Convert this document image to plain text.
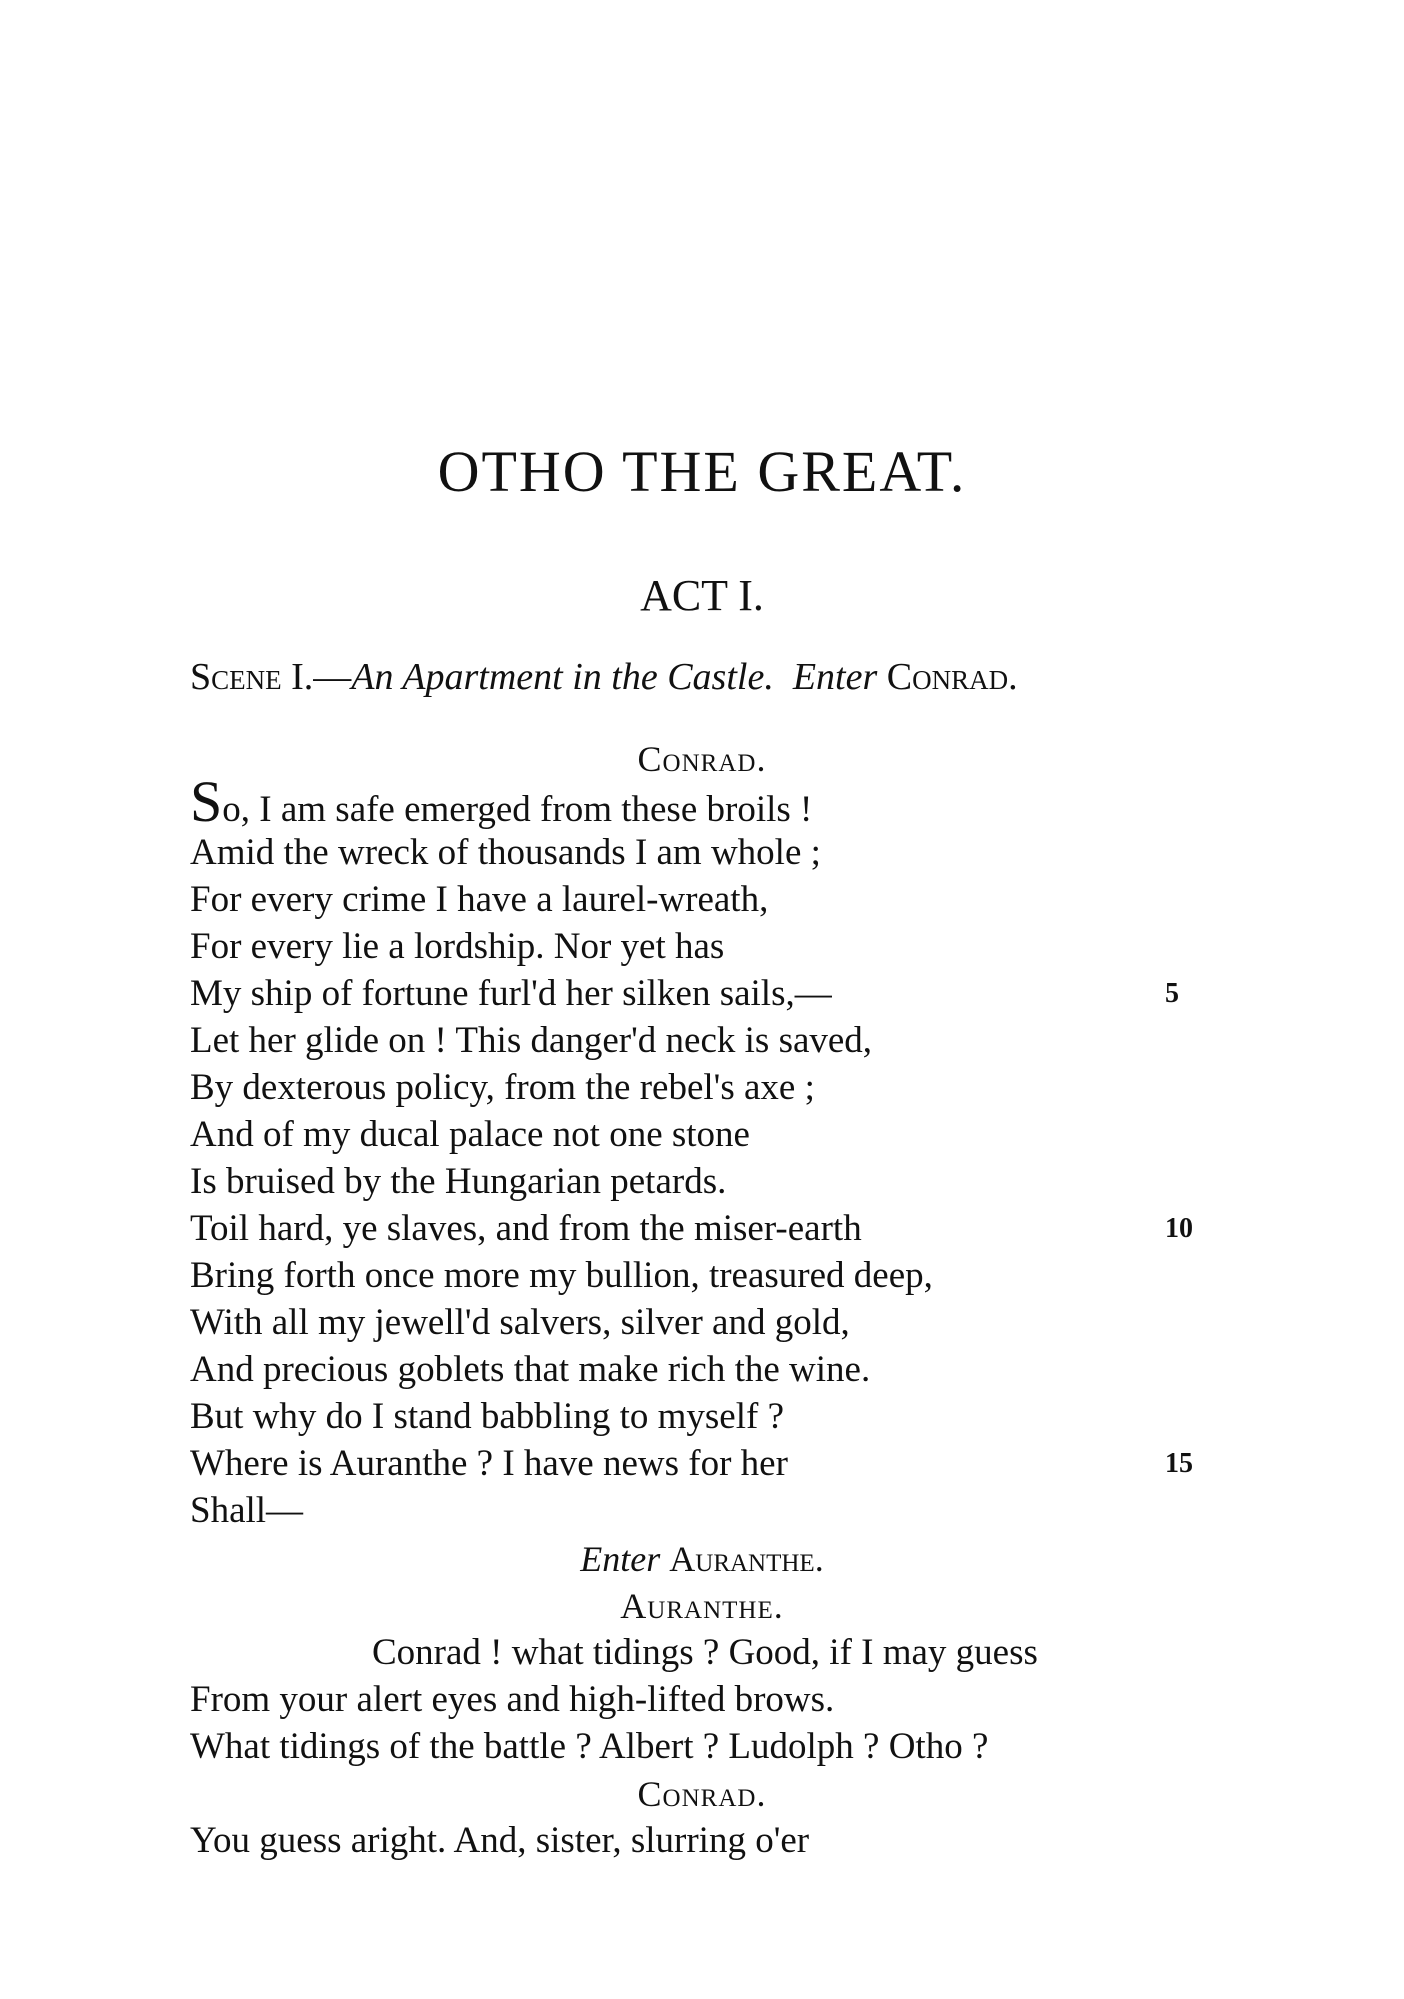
OTHO THE GREAT.
ACT I.
Scene I.—An Apartment in the Castle. Enter Conrad.
Conrad.
So, I am safe emerged from these broils !
Amid the wreck of thousands I am whole ;
For every crime I have a laurel-wreath,
For every lie a lordship. Nor yet has
My ship of fortune furl'd her silken sails,—	5
Let her glide on ! This danger'd neck is saved,
By dexterous policy, from the rebel's axe ;
And of my ducal palace not one stone
Is bruised by the Hungarian petards.
Toil hard, ye slaves, and from the miser-earth	10
Bring forth once more my bullion, treasured deep,
With all my jewell'd salvers, silver and gold,
And precious goblets that make rich the wine.
But why do I stand babbling to myself ?
Where is Auranthe ? I have news for her	15
Shall—
Enter Auranthe.
Auranthe.
Conrad ! what tidings ? Good, if I may guess
From your alert eyes and high-lifted brows.
What tidings of the battle ? Albert ? Ludolph ? Otho ?
Conrad.
You guess aright. And, sister, slurring o'er
